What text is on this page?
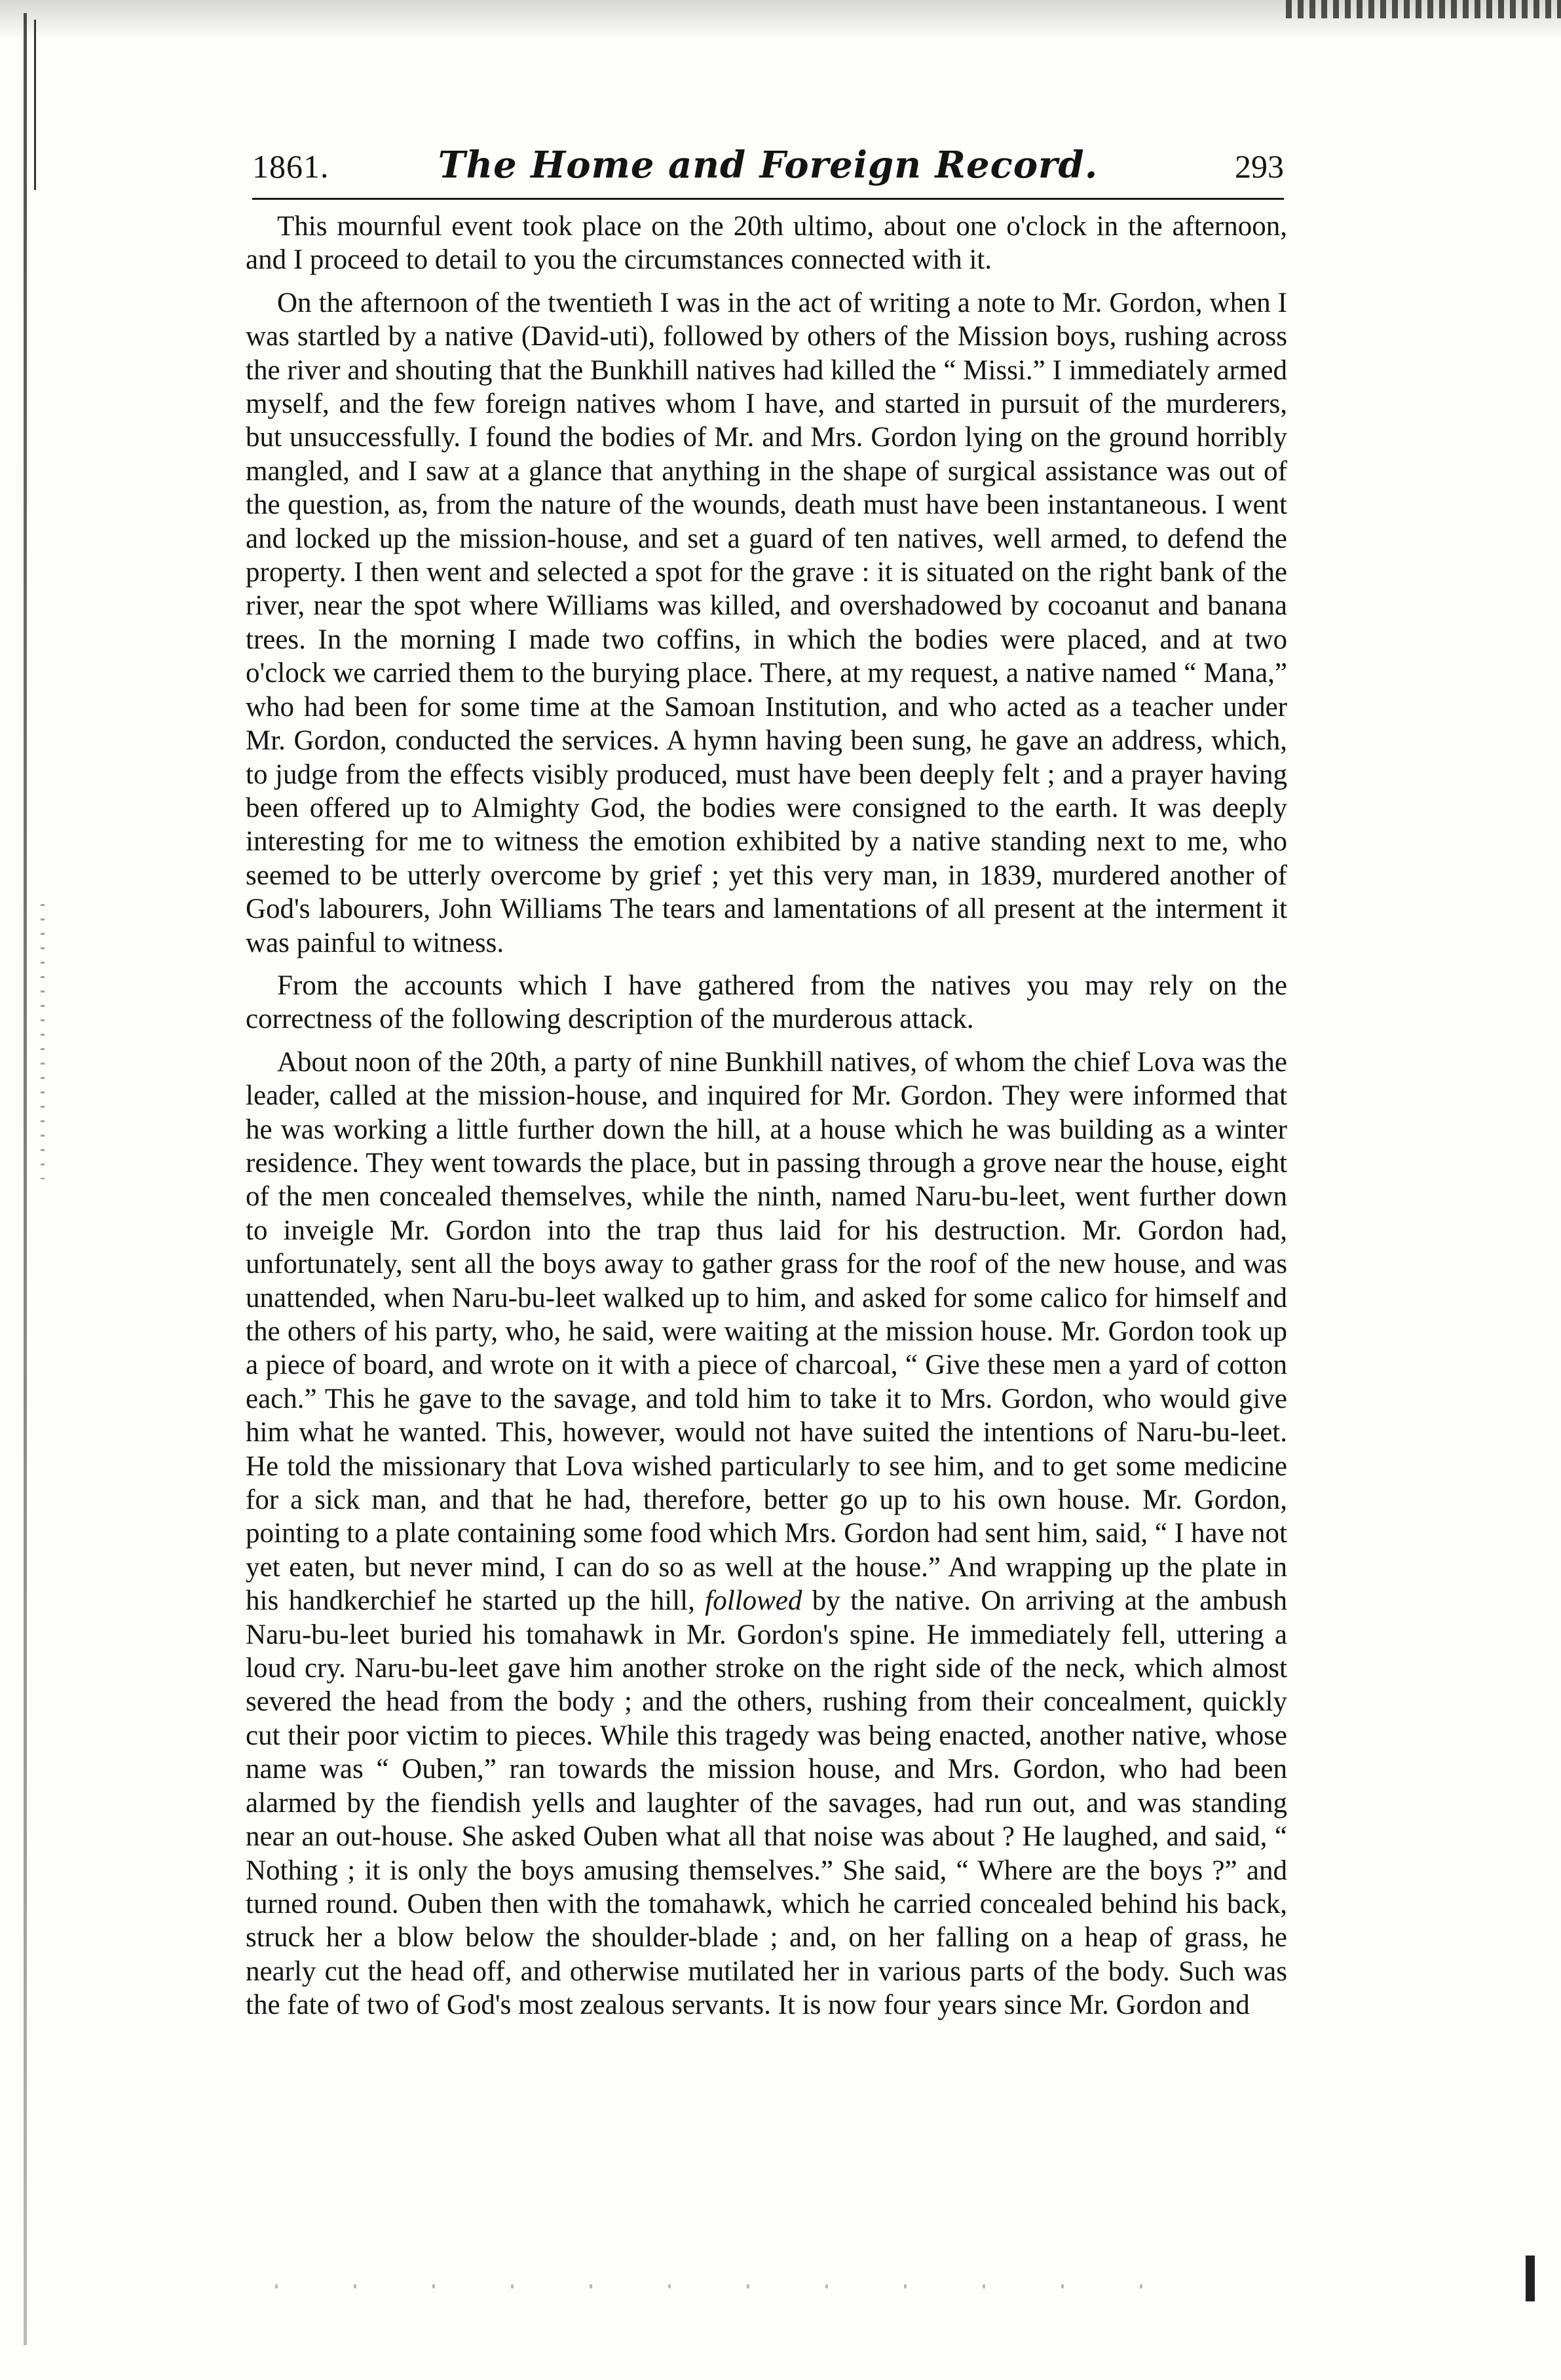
1861.	The Home and Foreign Record.	293

This mournful event took place on the 20th ultimo, about one o'clock in the afternoon, and I proceed to detail to you the circumstances connected with it.

On the afternoon of the twentieth I was in the act of writing a note to Mr. Gordon, when I was startled by a native (David-uti), followed by others of the Mission boys, rushing across the river and shouting that the Bunkhill natives had killed the “ Missi.” I immediately armed myself, and the few foreign natives whom I have, and started in pursuit of the murderers, but unsuccessfully. I found the bodies of Mr. and Mrs. Gordon lying on the ground horribly mangled, and I saw at a glance that anything in the shape of surgical assistance was out of the question, as, from the nature of the wounds, death must have been instantaneous. I went and locked up the mission-house, and set a guard of ten natives, well armed, to defend the property. I then went and selected a spot for the grave : it is situated on the right bank of the river, near the spot where Williams was killed, and overshadowed by cocoanut and banana trees. In the morning I made two coffins, in which the bodies were placed, and at two o'clock we carried them to the burying place. There, at my request, a native named “ Mana,” who had been for some time at the Samoan Institution, and who acted as a teacher under Mr. Gordon, conducted the services. A hymn having been sung, he gave an address, which, to judge from the effects visibly produced, must have been deeply felt ; and a prayer having been offered up to Almighty God, the bodies were consigned to the earth. It was deeply interesting for me to witness the emotion exhibited by a native standing next to me, who seemed to be utterly overcome by grief ; yet this very man, in 1839, murdered another of God's labourers, John Williams The tears and lamentations of all present at the interment it was painful to witness.

From the accounts which I have gathered from the natives you may rely on the correctness of the following description of the murderous attack.

About noon of the 20th, a party of nine Bunkhill natives, of whom the chief Lova was the leader, called at the mission-house, and inquired for Mr. Gordon. They were informed that he was working a little further down the hill, at a house which he was building as a winter residence. They went towards the place, but in passing through a grove near the house, eight of the men concealed themselves, while the ninth, named Naru-bu-leet, went further down to inveigle Mr. Gordon into the trap thus laid for his destruction. Mr. Gordon had, unfortunately, sent all the boys away to gather grass for the roof of the new house, and was unattended, when Naru-bu-leet walked up to him, and asked for some calico for himself and the others of his party, who, he said, were waiting at the mission house. Mr. Gordon took up a piece of board, and wrote on it with a piece of charcoal, “ Give these men a yard of cotton each.” This he gave to the savage, and told him to take it to Mrs. Gordon, who would give him what he wanted. This, however, would not have suited the intentions of Naru-bu-leet. He told the missionary that Lova wished particularly to see him, and to get some medicine for a sick man, and that he had, therefore, better go up to his own house. Mr. Gordon, pointing to a plate containing some food which Mrs. Gordon had sent him, said, “ I have not yet eaten, but never mind, I can do so as well at the house.” And wrapping up the plate in his handkerchief he started up the hill, followed by the native. On arriving at the ambush Naru-bu-leet buried his tomahawk in Mr. Gordon's spine. He immediately fell, uttering a loud cry. Naru-bu-leet gave him another stroke on the right side of the neck, which almost severed the head from the body ; and the others, rushing from their concealment, quickly cut their poor victim to pieces. While this tragedy was being enacted, another native, whose name was “ Ouben,” ran towards the mission house, and Mrs. Gordon, who had been alarmed by the fiendish yells and laughter of the savages, had run out, and was standing near an out-house. She asked Ouben what all that noise was about ? He laughed, and said, “ Nothing ; it is only the boys amusing themselves.” She said, “ Where are the boys ?” and turned round. Ouben then with the tomahawk, which he carried concealed behind his back, struck her a blow below the shoulder-blade ; and, on her falling on a heap of grass, he nearly cut the head off, and otherwise mutilated her in various parts of the body. Such was the fate of two of God's most zealous servants. It is now four years since Mr. Gordon and
